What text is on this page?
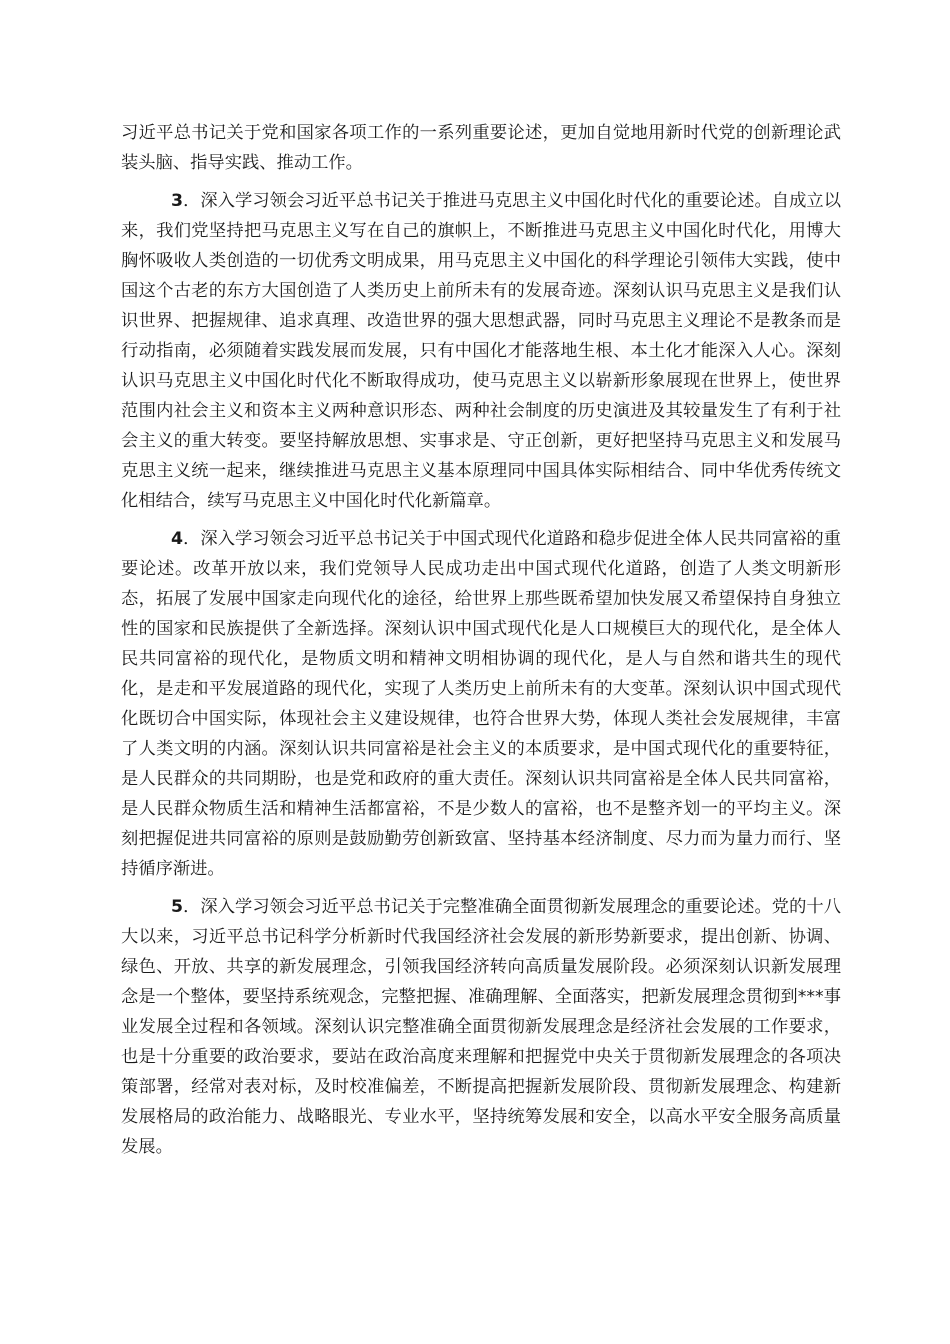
习近平总书记关于党和国家各项工作的一系列重要论述，更加自觉地用新时代党的创新理论武装头脑、指导实践、推动工作。

3．深入学习领会习近平总书记关于推进马克思主义中国化时代化的重要论述。自成立以来，我们党坚持把马克思主义写在自己的旗帜上，不断推进马克思主义中国化时代化，用博大胸怀吸收人类创造的一切优秀文明成果，用马克思主义中国化的科学理论引领伟大实践，使中国这个古老的东方大国创造了人类历史上前所未有的发展奇迹。深刻认识马克思主义是我们认识世界、把握规律、追求真理、改造世界的强大思想武器，同时马克思主义理论不是教条而是行动指南，必须随着实践发展而发展，只有中国化才能落地生根、本土化才能深入人心。深刻认识马克思主义中国化时代化不断取得成功，使马克思主义以崭新形象展现在世界上，使世界范围内社会主义和资本主义两种意识形态、两种社会制度的历史演进及其较量发生了有利于社会主义的重大转变。要坚持解放思想、实事求是、守正创新，更好把坚持马克思主义和发展马克思主义统一起来，继续推进马克思主义基本原理同中国具体实际相结合、同中华优秀传统文化相结合，续写马克思主义中国化时代化新篇章。

4．深入学习领会习近平总书记关于中国式现代化道路和稳步促进全体人民共同富裕的重要论述。改革开放以来，我们党领导人民成功走出中国式现代化道路，创造了人类文明新形态，拓展了发展中国家走向现代化的途径，给世界上那些既希望加快发展又希望保持自身独立性的国家和民族提供了全新选择。深刻认识中国式现代化是人口规模巨大的现代化，是全体人民共同富裕的现代化，是物质文明和精神文明相协调的现代化，是人与自然和谐共生的现代化，是走和平发展道路的现代化，实现了人类历史上前所未有的大变革。深刻认识中国式现代化既切合中国实际，体现社会主义建设规律，也符合世界大势，体现人类社会发展规律，丰富了人类文明的内涵。深刻认识共同富裕是社会主义的本质要求，是中国式现代化的重要特征，是人民群众的共同期盼，也是党和政府的重大责任。深刻认识共同富裕是全体人民共同富裕，是人民群众物质生活和精神生活都富裕，不是少数人的富裕，也不是整齐划一的平均主义。深刻把握促进共同富裕的原则是鼓励勤劳创新致富、坚持基本经济制度、尽力而为量力而行、坚持循序渐进。

5．深入学习领会习近平总书记关于完整准确全面贯彻新发展理念的重要论述。党的十八大以来，习近平总书记科学分析新时代我国经济社会发展的新形势新要求，提出创新、协调、绿色、开放、共享的新发展理念，引领我国经济转向高质量发展阶段。必须深刻认识新发展理念是一个整体，要坚持系统观念，完整把握、准确理解、全面落实，把新发展理念贯彻到***事业发展全过程和各领域。深刻认识完整准确全面贯彻新发展理念是经济社会发展的工作要求，也是十分重要的政治要求，要站在政治高度来理解和把握党中央关于贯彻新发展理念的各项决策部署，经常对表对标，及时校准偏差，不断提高把握新发展阶段、贯彻新发展理念、构建新发展格局的政治能力、战略眼光、专业水平，坚持统筹发展和安全，以高水平安全服务高质量发展。
